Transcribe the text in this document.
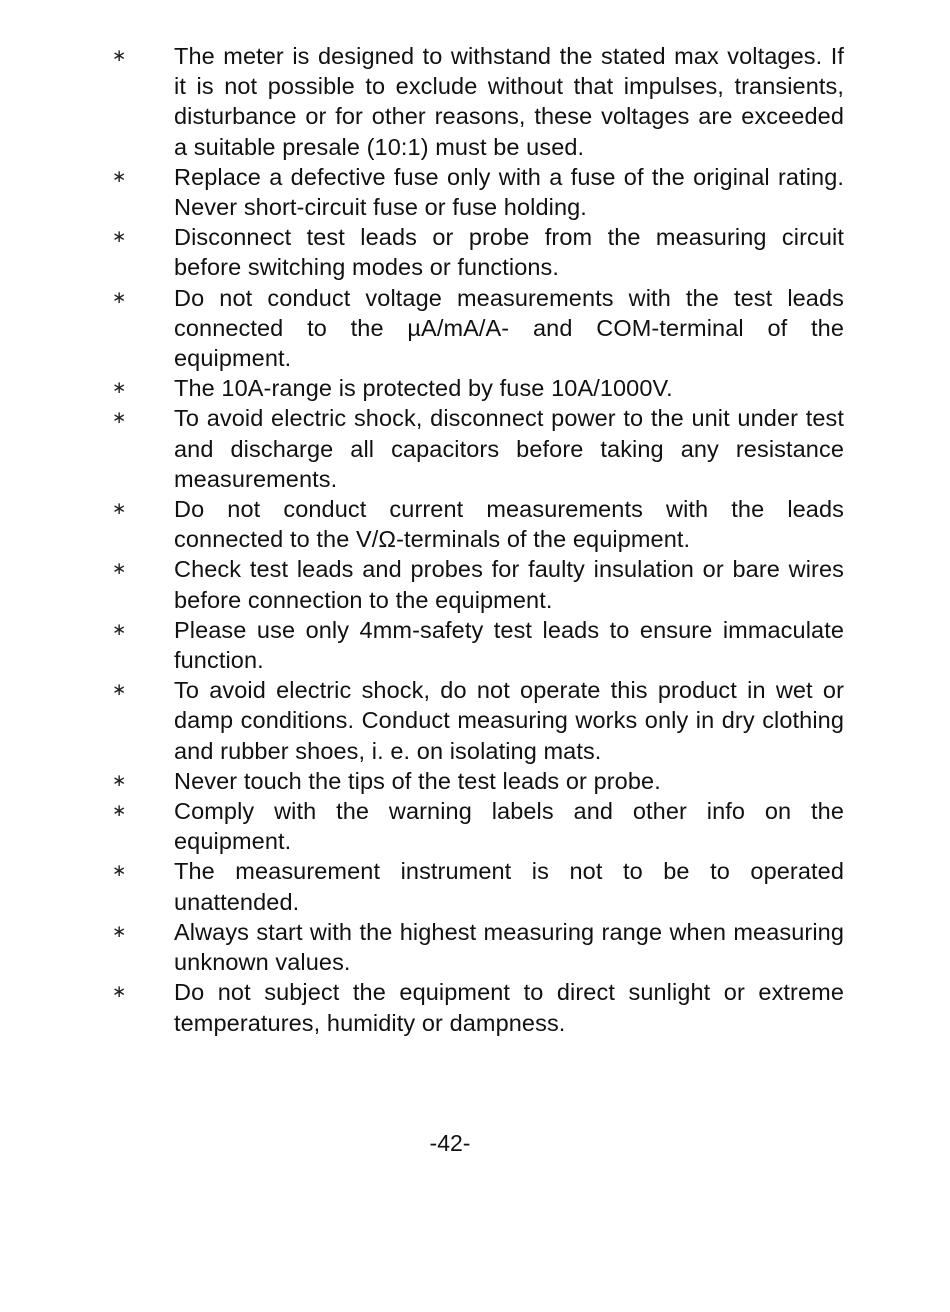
∗ The meter is designed to withstand the stated max voltages. If it is not possible to exclude without that impulses, transients, disturbance or for other reasons, these voltages are exceeded a suitable presale (10:1) must be used.
∗ Replace a defective fuse only with a fuse of the original rating. Never short-circuit fuse or fuse holding.
∗ Disconnect test leads or probe from the measuring circuit before switching modes or functions.
∗ Do not conduct voltage measurements with the test leads connected to the µA/mA/A- and COM-terminal of the equipment.
∗ The 10A-range is protected by fuse 10A/1000V.
∗ To avoid electric shock, disconnect power to the unit under test and discharge all capacitors before taking any resistance measurements.
∗ Do not conduct current measurements with the leads connected to the V/Ω-terminals of the equipment.
∗ Check test leads and probes for faulty insulation or bare wires before connection to the equipment.
∗ Please use only 4mm-safety test leads to ensure immaculate function.
∗ To avoid electric shock, do not operate this product in wet or damp conditions. Conduct measuring works only in dry clothing and rubber shoes, i. e. on isolating mats.
∗ Never touch the tips of the test leads or probe.
∗ Comply with the warning labels and other info on the equipment.
∗ The measurement instrument is not to be to operated unattended.
∗ Always start with the highest measuring range when measuring unknown values.
∗ Do not subject the equipment to direct sunlight or extreme temperatures, humidity or dampness.
-42-
